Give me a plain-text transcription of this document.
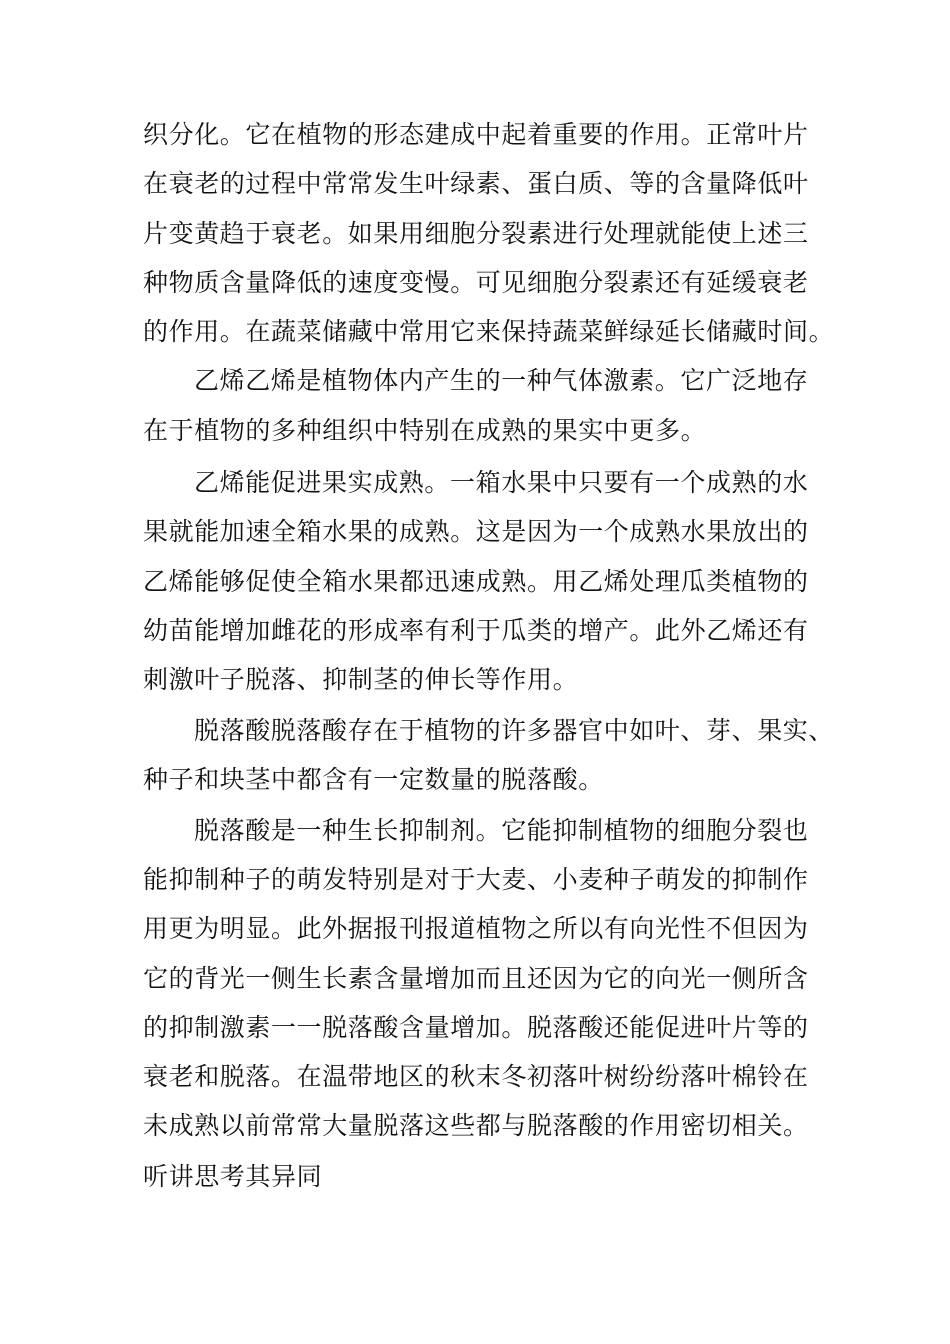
织分化。它在植物的形态建成中起着重要的作用。正常叶片
在衰老的过程中常常发生叶绿素、蛋白质、等的含量降低叶
片变黄趋于衰老。如果用细胞分裂素进行处理就能使上述三
种物质含量降低的速度变慢。可见细胞分裂素还有延缓衰老
的作用。在蔬菜储藏中常用它来保持蔬菜鲜绿延长储藏时间。
乙烯乙烯是植物体内产生的一种气体激素。它广泛地存
在于植物的多种组织中特别在成熟的果实中更多。
乙烯能促进果实成熟。一箱水果中只要有一个成熟的水
果就能加速全箱水果的成熟。这是因为一个成熟水果放出的
乙烯能够促使全箱水果都迅速成熟。用乙烯处理瓜类植物的
幼苗能增加雌花的形成率有利于瓜类的增产。此外乙烯还有
刺激叶子脱落、抑制茎的伸长等作用。
脱落酸脱落酸存在于植物的许多器官中如叶、芽、果实、
种子和块茎中都含有一定数量的脱落酸。
脱落酸是一种生长抑制剂。它能抑制植物的细胞分裂也
能抑制种子的萌发特别是对于大麦、小麦种子萌发的抑制作
用更为明显。此外据报刊报道植物之所以有向光性不但因为
它的背光一侧生长素含量增加而且还因为它的向光一侧所含
的抑制激素一一脱落酸含量增加。脱落酸还能促进叶片等的
衰老和脱落。在温带地区的秋末冬初落叶树纷纷落叶棉铃在
未成熟以前常常大量脱落这些都与脱落酸的作用密切相关。
听讲思考其异同
